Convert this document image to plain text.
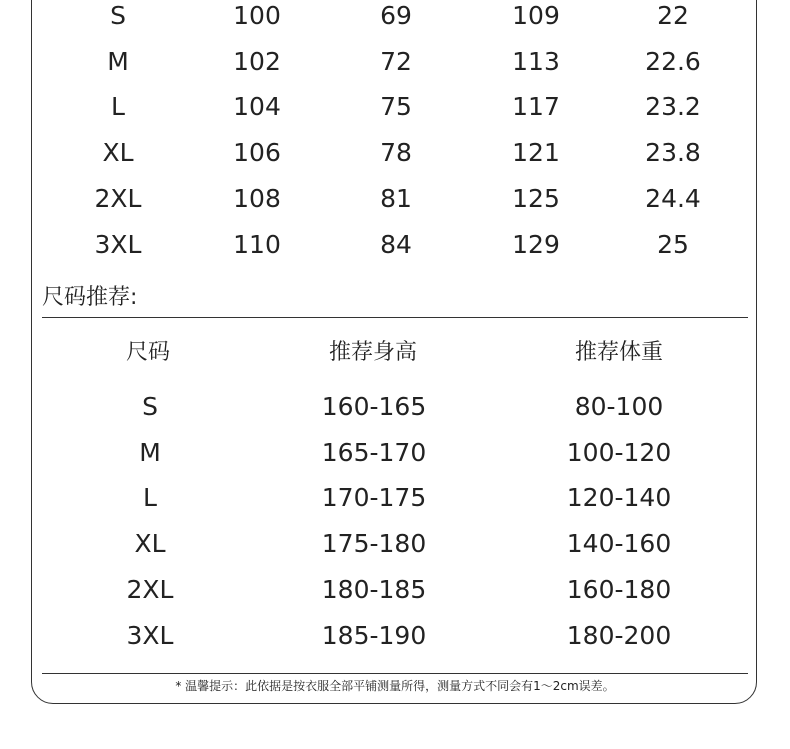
S	100	69	109	22
M	102	72	113	22.6
L	104	75	117	23.2
XL	106	78	121	23.8
2XL	108	81	125	24.4
3XL	110	84	129	25
尺码推荐:
尺码	推荐身高	推荐体重
S	160-165	80-100
M	165-170	100-120
L	170-175	120-140
XL	175-180	140-160
2XL	180-185	160-180
3XL	185-190	180-200
* 温馨提示：此依据是按衣服全部平铺测量所得，测量方式不同会有1～2cm误差。
